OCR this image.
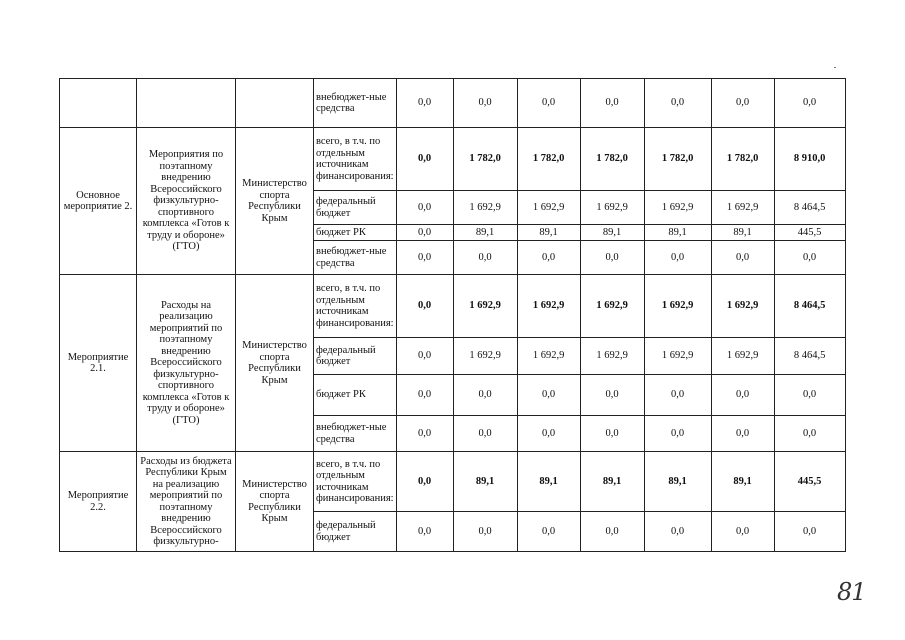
			внебюджет-ные средства	0,0	0,0	0,0	0,0	0,0	0,0	0,0
Основное мероприятие 2.	Мероприятия по поэтапному внедрению Всероссийского физкультурно-спортивного комплекса «Готов к труду и обороне» (ГТО)	Министерство спорта Республики Крым	всего, в т.ч. по отдельным источникам финансирования:	0,0	1 782,0	1 782,0	1 782,0	1 782,0	1 782,0	8 910,0
			федеральный бюджет	0,0	1 692,9	1 692,9	1 692,9	1 692,9	1 692,9	8 464,5
			бюджет РК	0,0	89,1	89,1	89,1	89,1	89,1	445,5
			внебюджет-ные средства	0,0	0,0	0,0	0,0	0,0	0,0	0,0
Мероприятие 2.1.	Расходы на реализацию мероприятий по поэтапному внедрению Всероссийского физкультурно-спортивного комплекса «Готов к труду и обороне» (ГТО)	Министерство спорта Республики Крым	всего, в т.ч. по отдельным источникам финансирования:	0,0	1 692,9	1 692,9	1 692,9	1 692,9	1 692,9	8 464,5
			федеральный бюджет	0,0	1 692,9	1 692,9	1 692,9	1 692,9	1 692,9	8 464,5
			бюджет РК	0,0	0,0	0,0	0,0	0,0	0,0	0,0
			внебюджет-ные средства	0,0	0,0	0,0	0,0	0,0	0,0	0,0
Мероприятие 2.2.	Расходы из бюджета Республики Крым на реализацию мероприятий по поэтапному внедрению Всероссийского физкультурно-	Министерство спорта Республики Крым	всего, в т.ч. по отдельным источникам финансирования:	0,0	89,1	89,1	89,1	89,1	89,1	445,5
			федеральный бюджет	0,0	0,0	0,0	0,0	0,0	0,0	0,0
81
